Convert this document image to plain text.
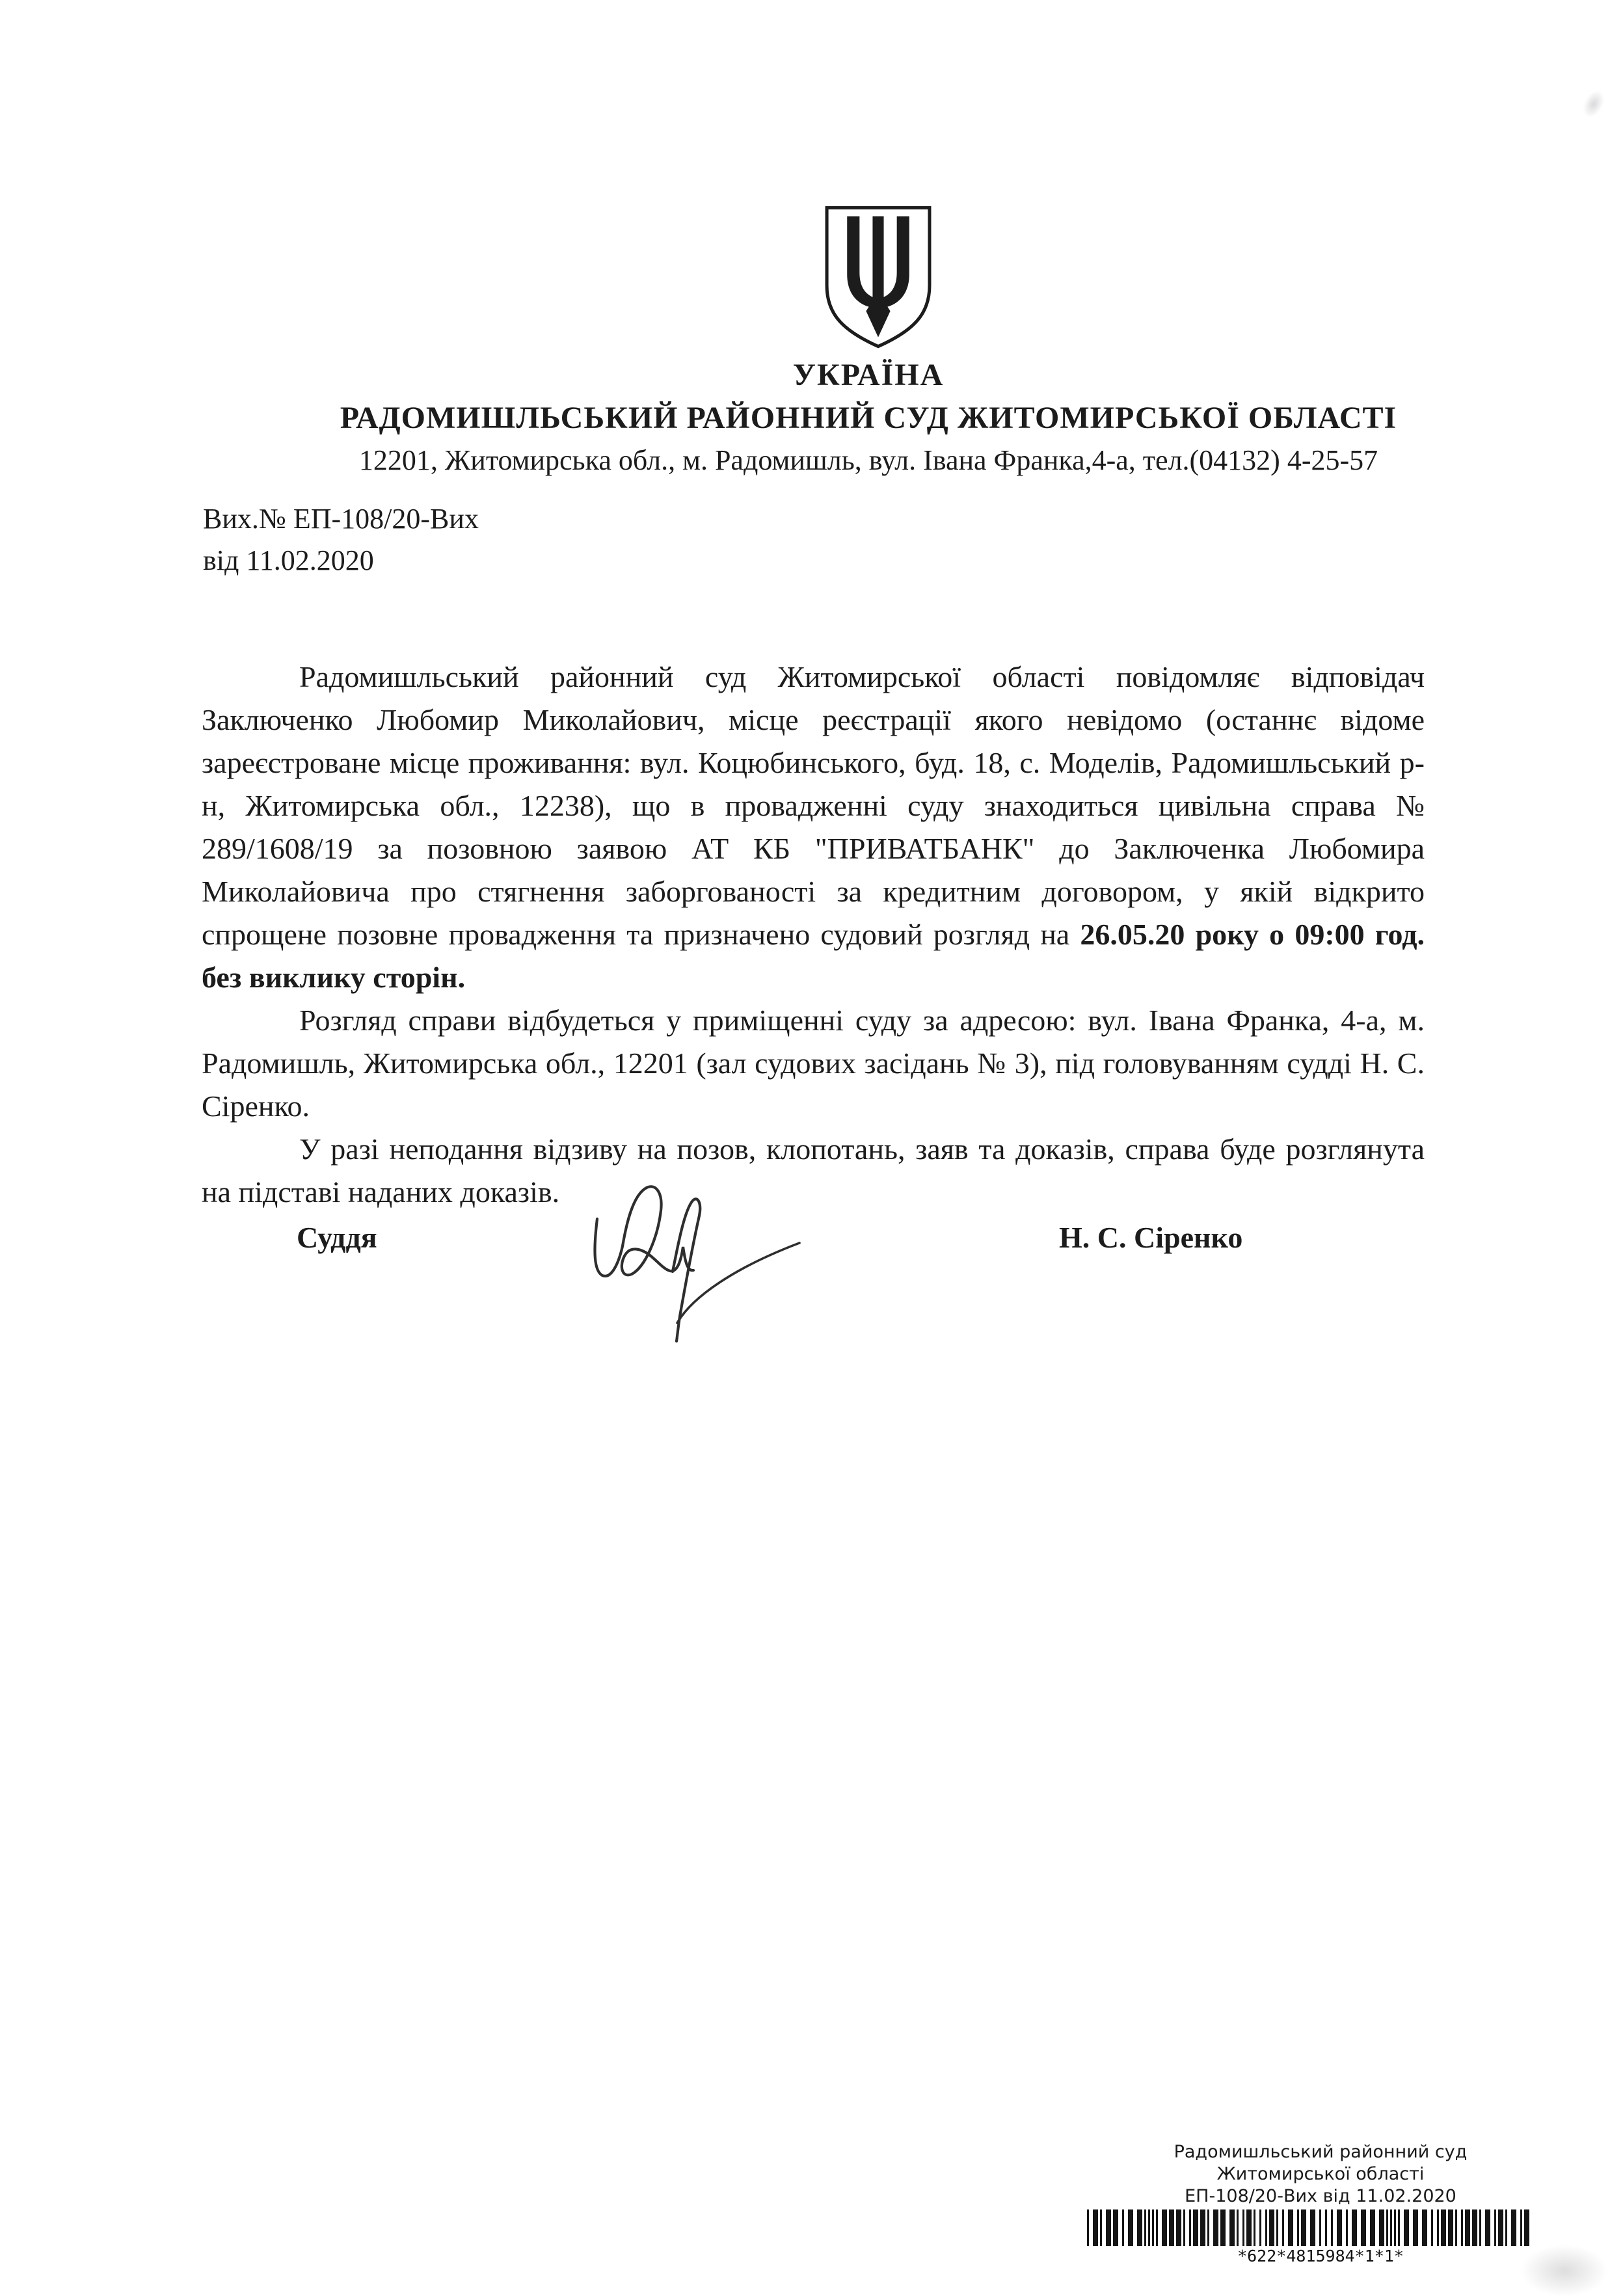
УКРАЇНА
РАДОМИШЛЬСЬКИЙ РАЙОННИЙ СУД ЖИТОМИРСЬКОЇ ОБЛАСТІ
12201, Житомирська обл., м. Радомишль, вул. Івана Франка,4-а, тел.(04132) 4-25-57
Вих.№ ЕП-108/20-Вих
від 11.02.2020

Радомишльський районний суд Житомирської області повідомляє відповідач Заключенко Любомир Миколайович, місце реєстрації якого невідомо (останнє відоме зареєстроване місце проживання: вул. Коцюбинського, буд. 18, с. Моделів, Радомишльський р-н, Житомирська обл., 12238), що в провадженні суду знаходиться цивільна справа № 289/1608/19 за позовною заявою АТ КБ "ПРИВАТБАНК" до Заключенка Любомира Миколайовича про стягнення заборгованості за кредитним договором, у якій відкрито спрощене позовне провадження та призначено судовий розгляд на 26.05.20 року о 09:00 год. без виклику сторін.

Розгляд справи відбудеться у приміщенні суду за адресою: вул. Івана Франка, 4-а, м. Радомишль, Житомирська обл., 12201 (зал судових засідань № 3), під головуванням судді Н. С. Сіренко.

У разі неподання відзиву на позов, клопотань, заяв та доказів, справа буде розглянута на підставі наданих доказів.

Суддя	Н. С. Сіренко
Радомишльський районний суд
Житомирської області
ЕП-108/20-Вих від 11.02.2020
*622*4815984*1*1*
